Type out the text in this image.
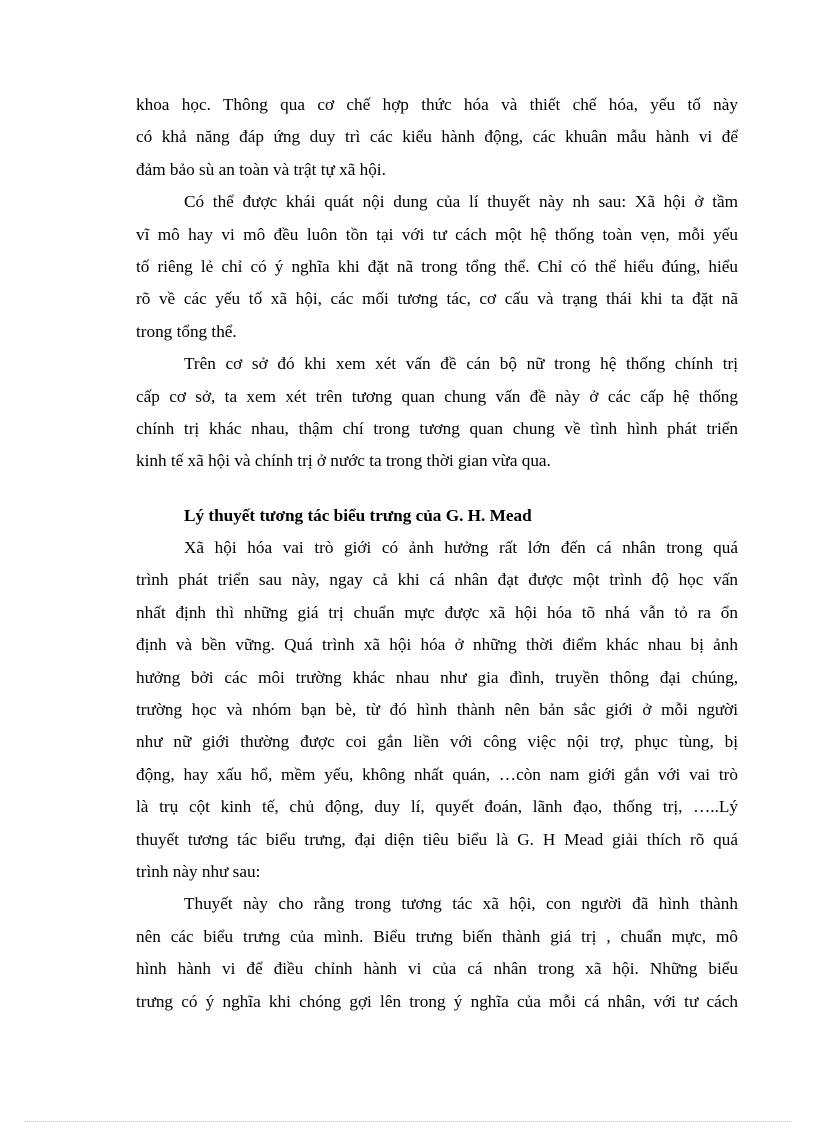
khoa học. Thông qua cơ chế hợp thức hóa và thiết chế hóa, yếu tố này
có khả năng đáp ứng duy trì các kiểu hành động, các khuân mẫu hành vi để
đảm bảo sù an toàn và trật tự xã hội.
Có thể được khái quát nội dung của lí thuyết này nh sau: Xã hội ở tầm
vĩ mô hay vi mô đều luôn tồn tại với tư cách một hệ thống toàn vẹn, mỗi yếu
tố riêng lẻ chỉ có ý nghĩa khi đặt nã trong tổng thể. Chỉ có thể hiểu đúng, hiểu
rõ về các yếu tố xã hội, các mối tương tác, cơ cấu và trạng thái khi ta đặt nã
trong tổng thể.
Trên cơ sở đó khi xem xét vấn đề cán bộ nữ trong hệ thống chính trị
cấp cơ sở, ta xem xét trên tương quan chung vấn đề này ở các cấp hệ thống
chính trị khác nhau, thậm chí trong tương quan chung về tình hình phát triển
kinh tế xã hội và chính trị ở nước ta trong thời gian vừa qua.
Lý thuyết tương tác biểu trưng của G. H. Mead
Xã hội hóa vai trò giới có ảnh hưởng rất lớn đến cá nhân trong quá
trình phát triển sau này, ngay cả khi cá nhân đạt được một trình độ học vấn
nhất định thì những giá trị chuẩn mực được xã hội hóa tõ nhá vẫn tỏ ra ổn
định và bền vững. Quá trình xã hội hóa ở những thời điểm khác nhau bị ảnh
hưởng bởi các môi trường khác nhau như gia đình, truyền thông đại chúng,
trường học và nhóm bạn bè, từ đó hình thành nên bản sắc giới ở mỗi người
như nữ giới thường được coi gắn liền với công việc nội trợ, phục tùng, bị
động, hay xấu hổ, mềm yếu, không nhất quán, …còn nam giới gắn với vai trò
là trụ cột kinh tế, chủ động, duy lí, quyết đoán, lãnh đạo, thống trị, …..Lý
thuyết tương tác biểu trưng, đại diện tiêu biểu là G. H Mead giải thích rõ quá
trình này như sau:
Thuyết này cho rằng trong tương tác xã hội, con người đã hình thành
nên các biểu trưng của mình. Biểu trưng biến thành giá trị , chuẩn mực, mô
hình hành vi để điều chỉnh hành vi của cá nhân trong xã hội. Những biểu
trưng có ý nghĩa khi chóng gợi lên trong ý nghĩa của mỗi cá nhân, với tư cách
